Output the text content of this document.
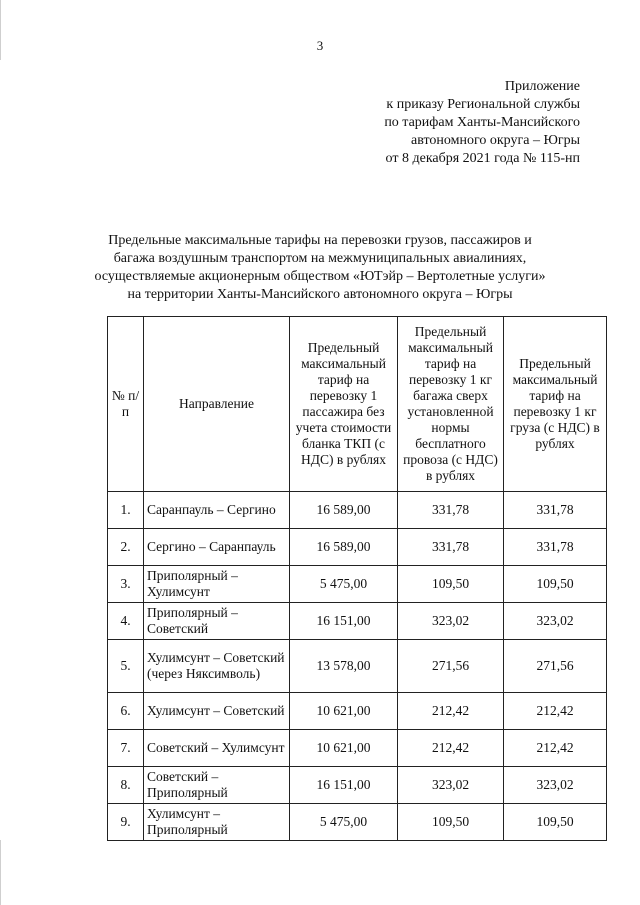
3
Приложение
к приказу Региональной службы
по тарифам Ханты-Мансийского
автономного округа – Югры
от 8 декабря 2021 года № 115-нп
Предельные максимальные тарифы на перевозки грузов, пассажиров и
багажа воздушным транспортом на межмуниципальных авиалиниях,
осуществляемые акционерным обществом «ЮТэйр – Вертолетные услуги»
на территории Ханты-Мансийского автономного округа – Югры
№ п/п	Направление	Предельный максимальный тариф на перевозку 1 пассажира без учета стоимости бланка ТКП (с НДС) в рублях	Предельный максимальный тариф на перевозку 1 кг багажа сверх установленной нормы бесплатного провоза (с НДС) в рублях	Предельный максимальный тариф на перевозку 1 кг груза (с НДС) в рублях
1.	Саранпауль – Сергино	16 589,00	331,78	331,78
2.	Сергино – Саранпауль	16 589,00	331,78	331,78
3.	Приполярный – Хулимсунт	5 475,00	109,50	109,50
4.	Приполярный – Советский	16 151,00	323,02	323,02
5.	Хулимсунт – Советский (через Няксимволь)	13 578,00	271,56	271,56
6.	Хулимсунт – Советский	10 621,00	212,42	212,42
7.	Советский – Хулимсунт	10 621,00	212,42	212,42
8.	Советский – Приполярный	16 151,00	323,02	323,02
9.	Хулимсунт – Приполярный	5 475,00	109,50	109,50
